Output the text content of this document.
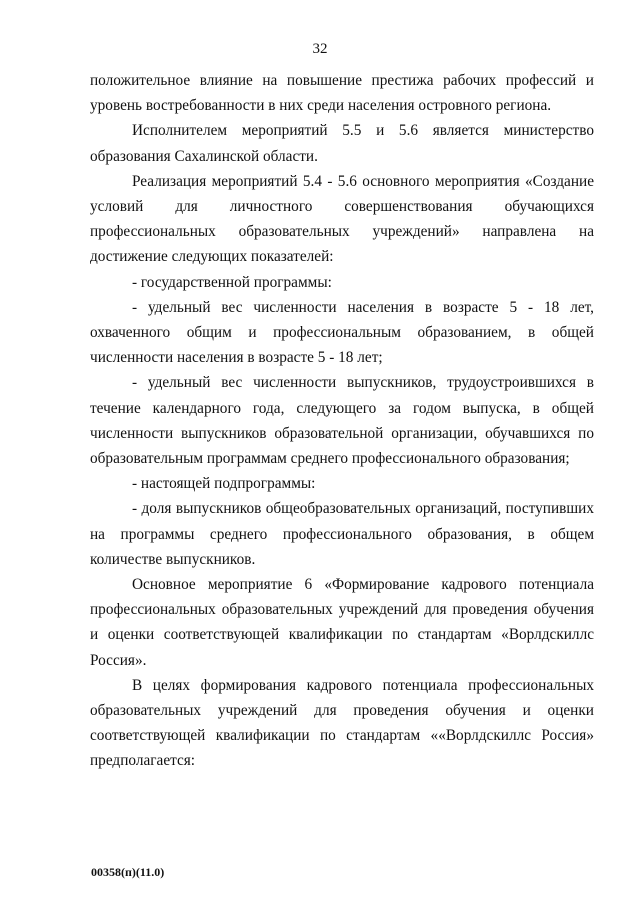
32

положительное влияние на повышение престижа рабочих профессий и уровень востребованности в них среди населения островного региона.

Исполнителем мероприятий 5.5 и 5.6 является министерство образования Сахалинской области.

Реализация мероприятий 5.4 - 5.6 основного мероприятия «Создание условий для личностного совершенствования обучающихся профессиональных образовательных учреждений» направлена на достижение следующих показателей:

- государственной программы:

- удельный вес численности населения в возрасте 5 - 18 лет, охваченного общим и профессиональным образованием, в общей численности населения в возрасте 5 - 18 лет;

- удельный вес численности выпускников, трудоустроившихся в течение календарного года, следующего за годом выпуска, в общей численности выпускников образовательной организации, обучавшихся по образовательным программам среднего профессионального образования;

- настоящей подпрограммы:

- доля выпускников общеобразовательных организаций, поступивших на программы среднего профессионального образования, в общем количестве выпускников.

Основное мероприятие 6 «Формирование кадрового потенциала профессиональных образовательных учреждений для проведения обучения и оценки соответствующей квалификации по стандартам «Ворлдскиллс Россия».

В целях формирования кадрового потенциала профессиональных образовательных учреждений для проведения обучения и оценки соответствующей квалификации по стандартам ««Ворлдскиллс Россия» предполагается:

00358(п)(11.0)
